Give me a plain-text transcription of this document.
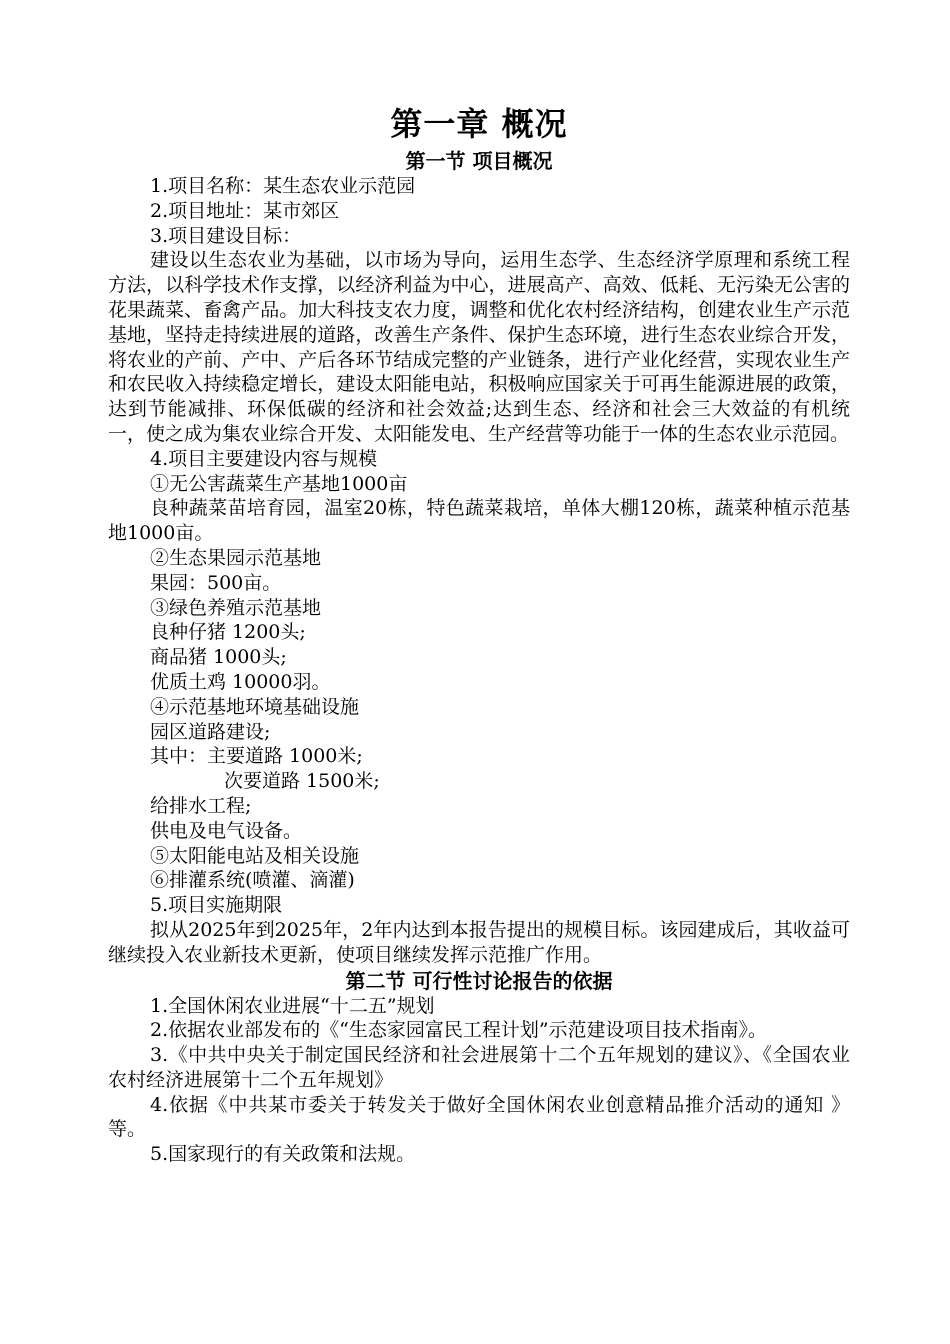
第一章 概况
第一节 项目概况

1.项目名称：某生态农业示范园

2.项目地址：某市郊区

3.项目建设目标：

建设以生态农业为基础，以市场为导向，运用生态学、生态经济学原理和系统工程方法，以科学技术作支撑，以经济利益为中心，进展高产、高效、低耗、无污染无公害的花果蔬菜、畜禽产品。加大科技支农力度，调整和优化农村经济结构，创建农业生产示范基地，坚持走持续进展的道路，改善生产条件、保护生态环境，进行生态农业综合开发，将农业的产前、产中、产后各环节结成完整的产业链条，进行产业化经营，实现农业生产和农民收入持续稳定增长，建设太阳能电站，积极响应国家关于可再生能源进展的政策，达到节能减排、环保低碳的经济和社会效益;达到生态、经济和社会三大效益的有机统一，使之成为集农业综合开发、太阳能发电、生产经营等功能于一体的生态农业示范园。

4.项目主要建设内容与规模

①无公害蔬菜生产基地1000亩

良种蔬菜苗培育园，温室20栋，特色蔬菜栽培，单体大棚120栋，蔬菜种植示范基地1000亩。

②生态果园示范基地

果园：500亩。

③绿色养殖示范基地

良种仔猪 1200头;

商品猪 1000头;

优质土鸡 10000羽。

④示范基地环境基础设施

园区道路建设;

其中：主要道路 1000米;

次要道路 1500米;

给排水工程;

供电及电气设备。

⑤太阳能电站及相关设施

⑥排灌系统(喷灌、滴灌)

5.项目实施期限

拟从2025年到2025年，2年内达到本报告提出的规模目标。该园建成后，其收益可继续投入农业新技术更新，使项目继续发挥示范推广作用。

第二节 可行性讨论报告的依据

1.全国休闲农业进展“十二五”规划

2.依据农业部发布的《“生态家园富民工程计划”示范建设项目技术指南》。

3.《中共中央关于制定国民经济和社会进展第十二个五年规划的建议》、《全国农业农村经济进展第十二个五年规划》

4.依据《中共某市委关于转发关于做好全国休闲农业创意精品推介活动的通知 》等。

5.国家现行的有关政策和法规。
